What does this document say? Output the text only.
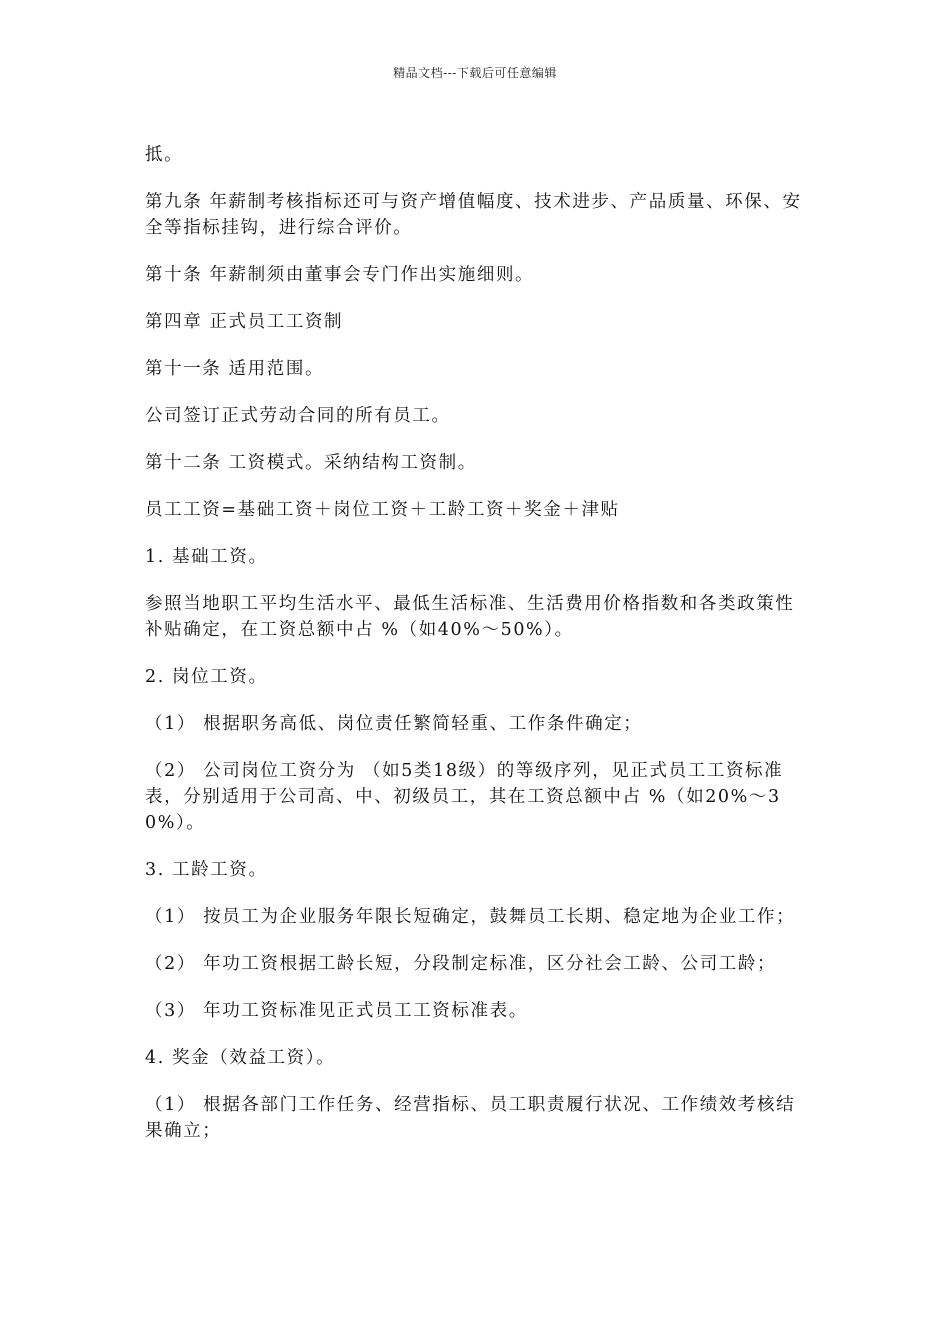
精品文档---下载后可任意编辑

抵。

第九条 年薪制考核指标还可与资产增值幅度、技术进步、产品质量、环保、安全等指标挂钩，进行综合评价。

第十条 年薪制须由董事会专门作出实施细则。

第四章 正式员工工资制

第十一条 适用范围。

公司签订正式劳动合同的所有员工。

第十二条 工资模式。采纳结构工资制。

员工工资=基础工资＋岗位工资＋工龄工资＋奖金＋津贴

1. 基础工资。

参照当地职工平均生活水平、最低生活标准、生活费用价格指数和各类政策性补贴确定，在工资总额中占 %（如40%～50%）。

2. 岗位工资。

（1） 根据职务高低、岗位责任繁简轻重、工作条件确定；

（2） 公司岗位工资分为 （如5类18级）的等级序列，见正式员工工资标准表，分别适用于公司高、中、初级员工，其在工资总额中占 %（如20%～30%）。

3. 工龄工资。

（1） 按员工为企业服务年限长短确定，鼓舞员工长期、稳定地为企业工作；

（2） 年功工资根据工龄长短，分段制定标准，区分社会工龄、公司工龄；

（3） 年功工资标准见正式员工工资标准表。

4. 奖金（效益工资）。

（1） 根据各部门工作任务、经营指标、员工职责履行状况、工作绩效考核结果确立；
